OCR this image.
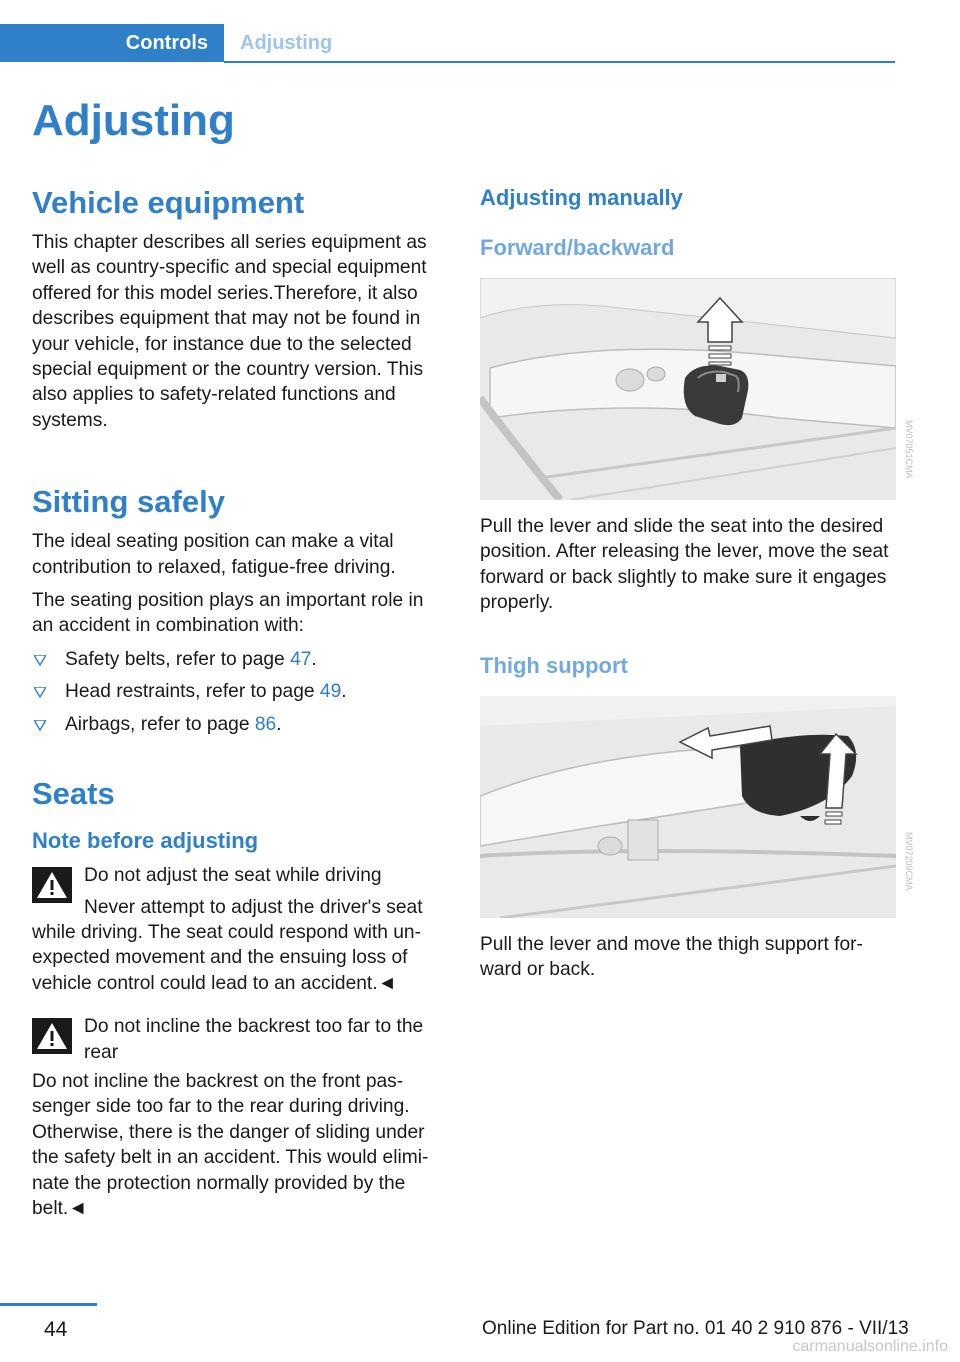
Controls	Adjusting
Adjusting
Vehicle equipment

This chapter describes all series equipment as well as country-specific and special equipment offered for this model series.Therefore, it also describes equipment that may not be found in your vehicle, for instance due to the selected special equipment or the country version. This also applies to safety-related functions and systems.

Sitting safely

The ideal seating position can make a vital contribution to relaxed, fatigue-free driving.

The seating position plays an important role in an accident in combination with:

Safety belts, refer to page 47.
Head restraints, refer to page 49.
Airbags, refer to page 86.
Seats
Note before adjusting
Do not adjust the seat while driving
Never attempt to adjust the driver's seat

while driving. The seat could respond with unexpected movement and the ensuing loss of vehicle control could lead to an accident.◄

Do not incline the backrest too far to the
rear

Do not incline the backrest on the front passenger side too far to the rear during driving. Otherwise, there is the danger of sliding under the safety belt in an accident. This would eliminate the protection normally provided by the belt.◄

Adjusting manually
Forward/backward

Pull the lever and slide the seat into the desired position. After releasing the lever, move the seat forward or back slightly to make sure it engages properly.

Thigh support

Pull the lever and move the thigh support forward or back.

MV07051CMA
MV07209CMA
44	Online Edition for Part no. 01 40 2 910 876 - VII/13
carmanualsonline.info
